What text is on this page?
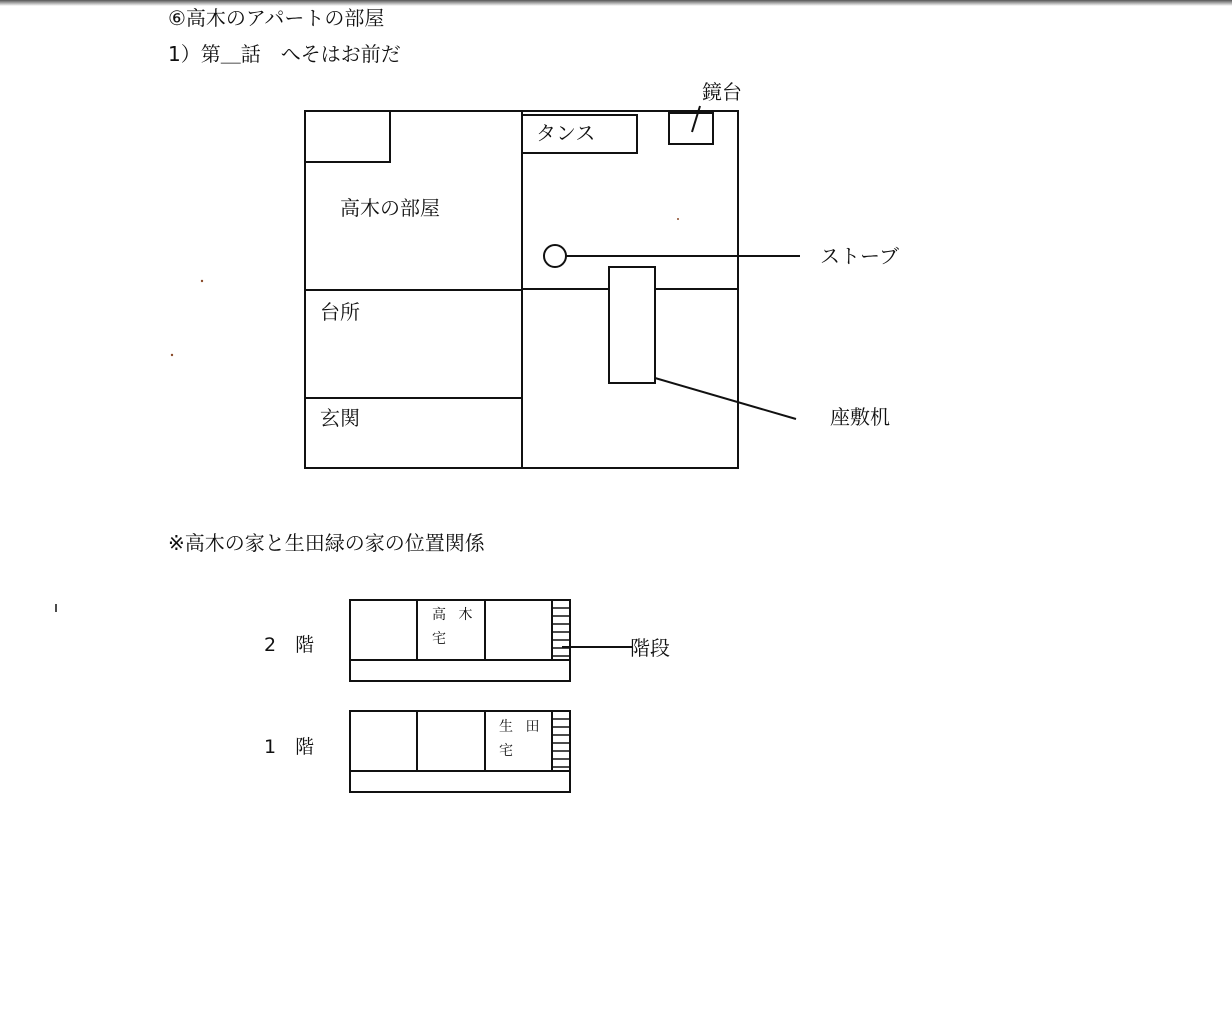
⑥高木のアパートの部屋
1）第＿話　へそはお前だ
高木の部屋
台所
玄関
タンス
鏡台
ストーブ
座敷机
※高木の家と生田緑の家の位置関係
2　階
高 木
宅	階段
1　階
生 田
宅
